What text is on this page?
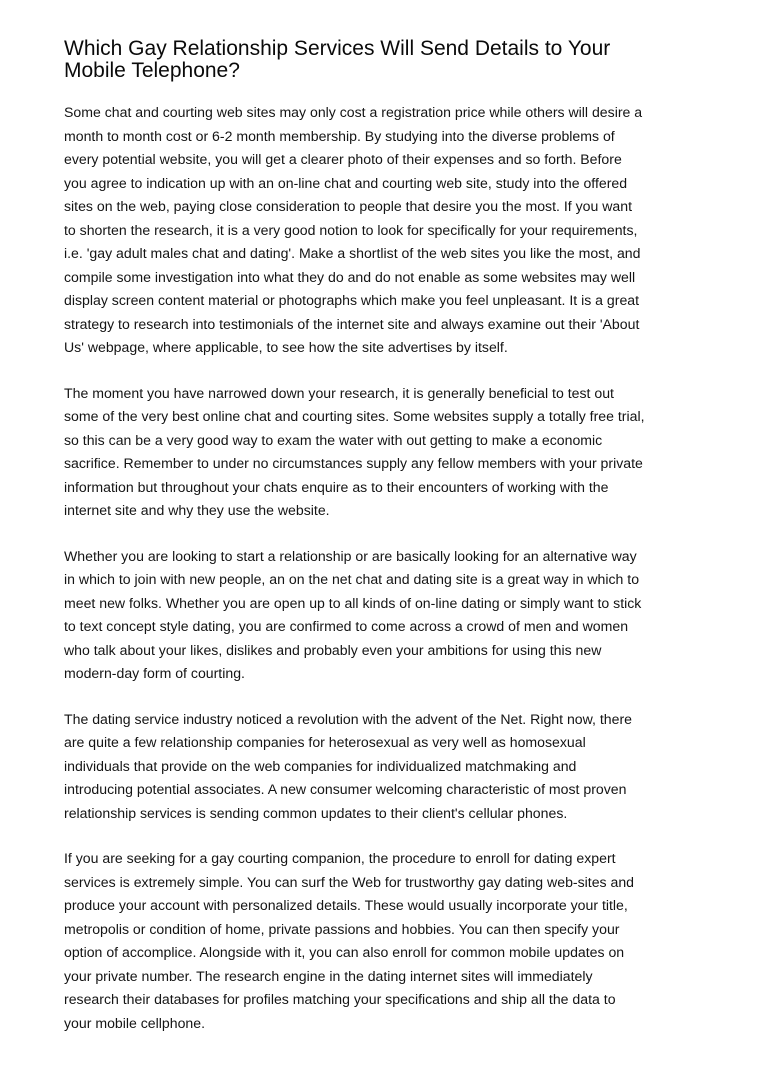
Which Gay Relationship Services Will Send Details to Your
Mobile Telephone?

Some chat and courting web sites may only cost a registration price while others will desire a
month to month cost or 6-2 month membership. By studying into the diverse problems of
every potential website, you will get a clearer photo of their expenses and so forth. Before
you agree to indication up with an on-line chat and courting web site, study into the offered
sites on the web, paying close consideration to people that desire you the most. If you want
to shorten the research, it is a very good notion to look for specifically for your requirements,
i.e. 'gay adult males chat and dating'. Make a shortlist of the web sites you like the most, and
compile some investigation into what they do and do not enable as some websites may well
display screen content material or photographs which make you feel unpleasant. It is a great
strategy to research into testimonials of the internet site and always examine out their 'About
Us' webpage, where applicable, to see how the site advertises by itself.

The moment you have narrowed down your research, it is generally beneficial to test out
some of the very best online chat and courting sites. Some websites supply a totally free trial,
so this can be a very good way to exam the water with out getting to make a economic
sacrifice. Remember to under no circumstances supply any fellow members with your private
information but throughout your chats enquire as to their encounters of working with the
internet site and why they use the website.

Whether you are looking to start a relationship or are basically looking for an alternative way
in which to join with new people, an on the net chat and dating site is a great way in which to
meet new folks. Whether you are open up to all kinds of on-line dating or simply want to stick
to text concept style dating, you are confirmed to come across a crowd of men and women
who talk about your likes, dislikes and probably even your ambitions for using this new
modern-day form of courting.

The dating service industry noticed a revolution with the advent of the Net. Right now, there
are quite a few relationship companies for heterosexual as very well as homosexual
individuals that provide on the web companies for individualized matchmaking and
introducing potential associates. A new consumer welcoming characteristic of most proven
relationship services is sending common updates to their client's cellular phones.

If you are seeking for a gay courting companion, the procedure to enroll for dating expert
services is extremely simple. You can surf the Web for trustworthy gay dating web-sites and
produce your account with personalized details. These would usually incorporate your title,
metropolis or condition of home, private passions and hobbies. You can then specify your
option of accomplice. Alongside with it, you can also enroll for common mobile updates on
your private number. The research engine in the dating internet sites will immediately
research their databases for profiles matching your specifications and ship all the data to
your mobile cellphone.
